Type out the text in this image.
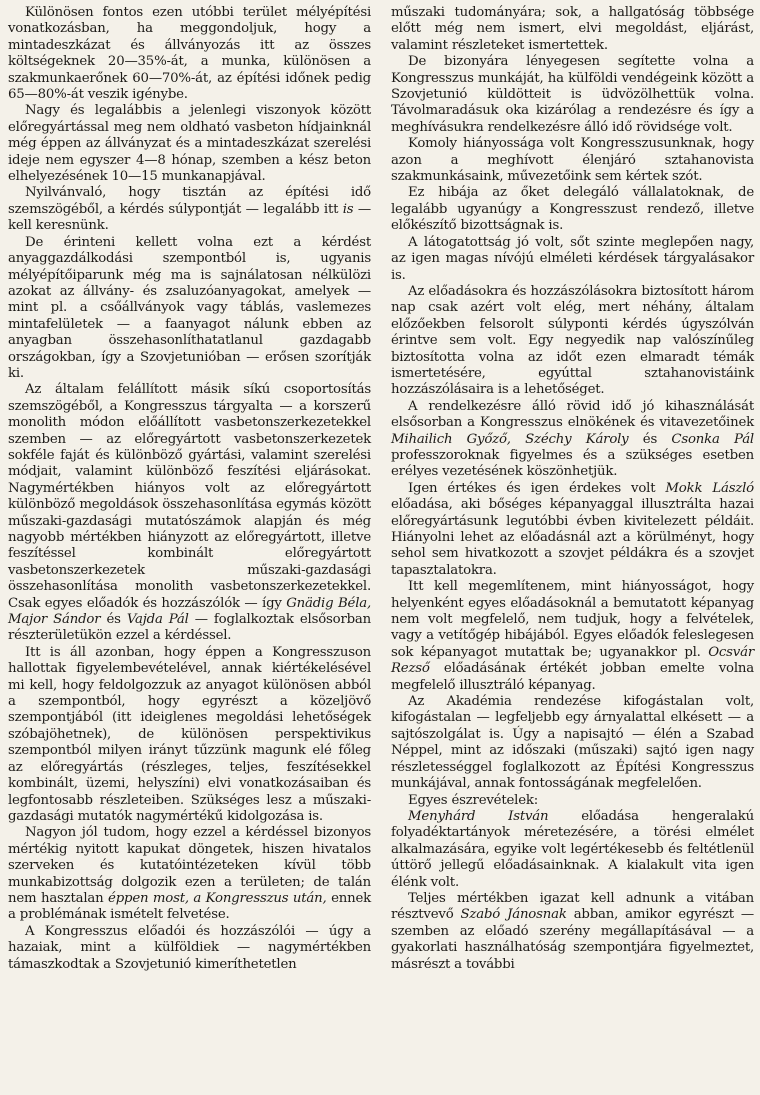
Különösen fontos ezen utóbbi terület mélyépítési vonatkozásban, ha meggondoljuk, hogy a mintadeszkázat és állványozás itt az összes költségeknek 20—35%-át, a munka, különösen a szakmunkaerőnek 60—70%-át, az építési időnek pedig 65—80%-át veszik igénybe.

Nagy és legalábbis a jelenlegi viszonyok között előregyártással meg nem oldható vasbeton hídjainknál még éppen az állványzat és a mintadeszkázat szerelési ideje nem egyszer 4—8 hónap, szemben a kész beton elhelyezésének 10—15 munkanapjával.

Nyilvánvaló, hogy tisztán az építési idő szemszögéből, a kérdés súlypontját — legalább itt is — kell keresnünk.

De érinteni kellett volna ezt a kérdést anyaggazdálkodási szempontból is, ugyanis mélyépítőiparunk még ma is sajnálatosan nélkülözi azokat az állvány- és zsaluzóanyagokat, amelyek — mint pl. a csőállványok vagy táblás, vaslemezes mintafelületek — a faanyagot nálunk ebben az anyagban összehasonlíthatatlanul gazdagabb országokban, így a Szovjetunióban — erősen szorítják ki.

Az általam felállított másik síkú csoportosítás szemszögéből, a Kongresszus tárgyalta — a korszerű monolith módon előállított vasbetonszerkezetekkel szemben — az előregyártott vasbetonszerkezetek sokféle faját és különböző gyártási, valamint szerelési módjait, valamint különböző feszítési eljárásokat. Nagymértékben hiányos volt az előregyártott különböző megoldások összehasonlítása egymás között műszaki-gazdasági mutatószámok alapján és még nagyobb mértékben hiányzott az előregyártott, illetve feszítéssel kombinált előregyártott vasbetonszerkezetek műszaki-gazdasági összehasonlítása monolith vasbetonszerkezetekkel. Csak egyes előadók és hozzászólók — így Gnädig Béla, Major Sándor és Vajda Pál — foglalkoztak elsősorban részterületükön ezzel a kérdéssel.

Itt is áll azonban, hogy éppen a Kongresszuson hallottak figyelembevételével, annak kiértékelésével mi kell, hogy feldolgozzuk az anyagot különösen abból a szempontból, hogy egyrészt a közeljövő szempontjából (itt ideiglenes megoldási lehetőségek szóbajöhetnek), de különösen perspektivikus szempontból milyen irányt tűzzünk magunk elé főleg az előregyártás (részleges, teljes, feszítésekkel kombinált, üzemi, helyszíni) elvi vonatkozásaiban és legfontosabb részleteiben. Szükséges lesz a műszaki-gazdasági mutatók nagymértékű kidolgozása is.

Nagyon jól tudom, hogy ezzel a kérdéssel bizonyos mértékig nyitott kapukat döngetek, hiszen hivatalos szerveken és kutatóintézeteken kívül több munkabizottság dolgozik ezen a területen; de talán nem hasztalan éppen most, a Kongresszus után, ennek a problémának ismételt felvetése.

A Kongresszus előadói és hozzászólói — úgy a hazaiak, mint a külföldiek — nagymértékben támaszkodtak a Szovjetunió kimeríthetetlen

műszaki tudományára; sok, a hallgatóság többsége előtt még nem ismert, elvi megoldást, eljárást, valamint részleteket ismertettek.

De bizonyára lényegesen segítette volna a Kongresszus munkáját, ha külföldi vendégeink között a Szovjetunió küldötteit is üdvözölhettük volna. Távolmaradásuk oka kizárólag a rendezésre és így a meghívásukra rendelkezésre álló idő rövidsége volt.

Komoly hiányossága volt Kongresszusunknak, hogy azon a meghívott élenjáró sztahanovista szakmunkásaink, művezetőink sem kértek szót.

Ez hibája az őket delegáló vállalatoknak, de legalább ugyanúgy a Kongresszust rendező, illetve előkészítő bizottságnak is.

A látogatottság jó volt, sőt szinte meglepően nagy, az igen magas nívójú elméleti kérdések tárgyalásakor is.

Az előadásokra és hozzászólásokra biztosított három nap csak azért volt elég, mert néhány, általam előzőekben felsorolt súlyponti kérdés úgyszólván érintve sem volt. Egy negyedik nap valószínűleg biztosította volna az időt ezen elmaradt témák ismertetésére, egyúttal sztahanovistáink hozzászólásaira is a lehetőséget.

A rendelkezésre álló rövid idő jó kihasználását elsősorban a Kongresszus elnökének és vitavezetőinek Mihailich Győző, Széchy Károly és Csonka Pál professzoroknak figyelmes és a szükséges esetben erélyes vezetésének köszönhetjük.

Igen értékes és igen érdekes volt Mokk László előadása, aki bőséges képanyaggal illusztrálta hazai előregyártásunk legutóbbi évben kivitelezett példáit. Hiányolni lehet az előadásnál azt a körülményt, hogy sehol sem hivatkozott a szovjet példákra és a szovjet tapasztalatokra.

Itt kell megemlítenem, mint hiányosságot, hogy helyenként egyes előadásoknál a bemutatott képanyag nem volt megfelelő, nem tudjuk, hogy a felvételek, vagy a vetítőgép hibájából. Egyes előadók feleslegesen sok képanyagot mutattak be; ugyanakkor pl. Ocsvár Rezső előadásának értékét jobban emelte volna megfelelő illusztráló képanyag.

Az Akadémia rendezése kifogástalan volt, kifogástalan — legfeljebb egy árnyalattal elkésett — a sajtószolgálat is. Úgy a napisajtó — élén a Szabad Néppel, mint az időszaki (műszaki) sajtó igen nagy részletességgel foglalkozott az Építési Kongresszus munkájával, annak fontosságának megfelelően.

Egyes észrevételek:

Menyhárd István előadása hengeralakú folyadéktartányok méretezésére, a törési elmélet alkalmazására, egyike volt legértékesebb és feltétlenül úttörő jellegű előadásainknak. A kialakult vita igen élénk volt.

Teljes mértékben igazat kell adnunk a vitában résztvevő Szabó Jánosnak abban, amikor egyrészt — szemben az előadó szerény megállapításával — a gyakorlati használhatóság szempontjára figyelmeztet, másrészt a további
